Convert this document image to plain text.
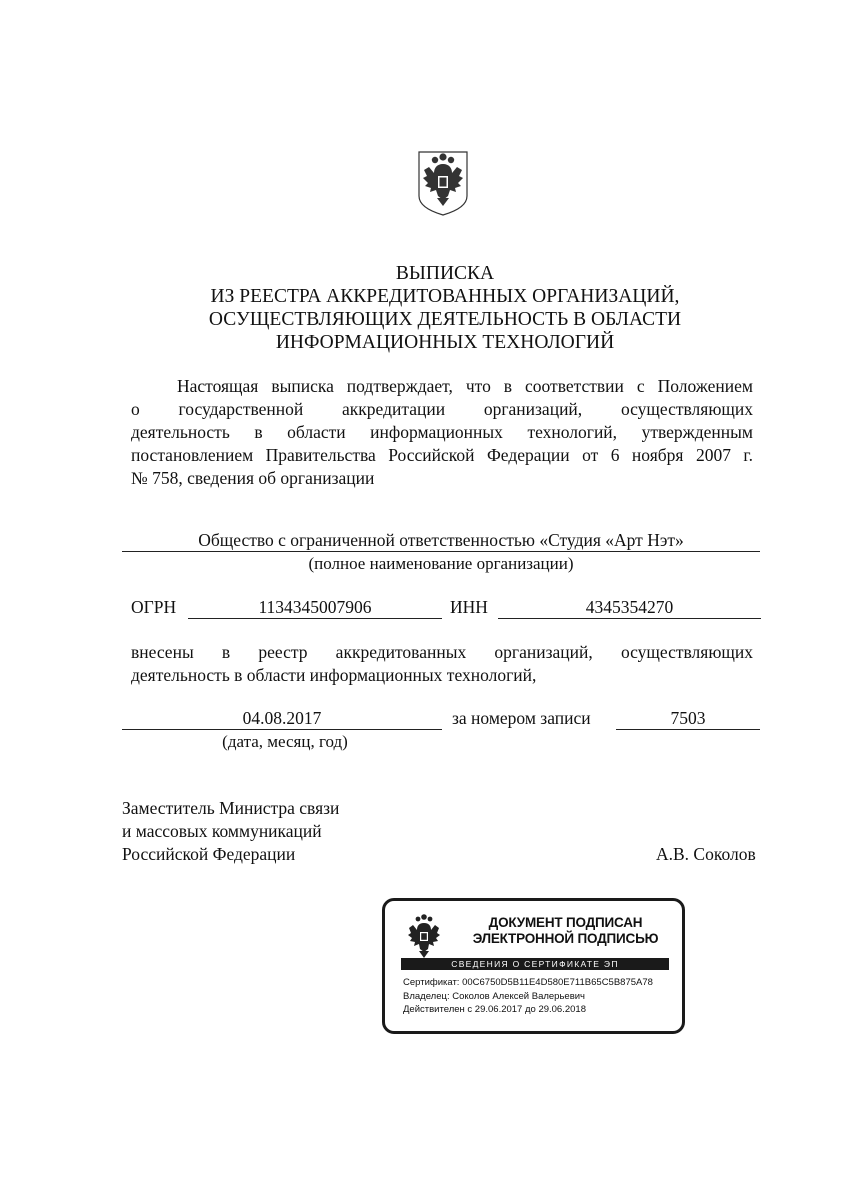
ВЫПИСКА
ИЗ РЕЕСТРА АККРЕДИТОВАННЫХ ОРГАНИЗАЦИЙ,
ОСУЩЕСТВЛЯЮЩИХ ДЕЯТЕЛЬНОСТЬ В ОБЛАСТИ
ИНФОРМАЦИОННЫХ ТЕХНОЛОГИЙ
Настоящая выписка подтверждает, что в соответствии с Положением
о государственной аккредитации организаций, осуществляющих
деятельность в области информационных технологий, утвержденным
постановлением Правительства Российской Федерации от 6 ноября 2007 г.
№ 758, сведения об организации
Общество с ограниченной ответственностью «Студия «Арт Нэт»
(полное наименование организации)
ОГРН	1134345007906	ИНН	4345354270
внесены в реестр аккредитованных организаций, осуществляющих
деятельность в области информационных технологий,
04.08.2017	за номером записи	7503
(дата, месяц, год)
Заместитель Министра связи
и массовых коммуникаций
Российской Федерации	А.В. Соколов
ДОКУМЕНТ ПОДПИСАН
ЭЛЕКТРОННОЙ ПОДПИСЬЮ
СВЕДЕНИЯ О СЕРТИФИКАТЕ ЭП
Сертификат: 00С6750D5B11E4D580E711B65C5B875A78
Владелец: Соколов Алексей Валерьевич
Действителен с 29.06.2017 до 29.06.2018
